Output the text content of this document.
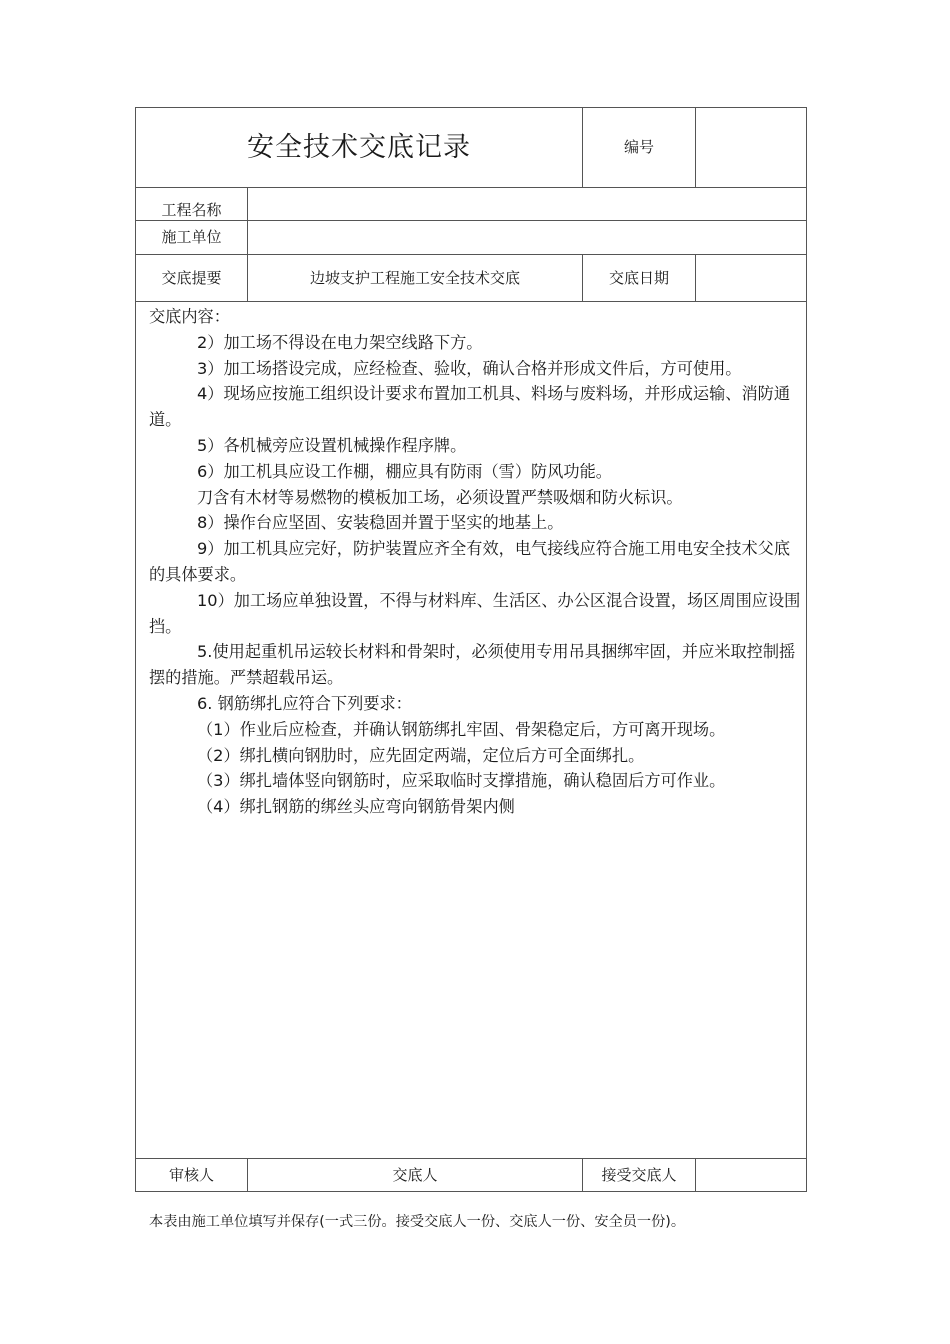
安全技术交底记录	编号
工程名称
施工单位
交底提要	边坡支护工程施工安全技术交底	交底日期

交底内容：

2）加工场不得设在电力架空线路下方。

3）加工场搭设完成，应经检查、验收，确认合格并形成文件后，方可使用。

4）现场应按施工组织设计要求布置加工机具、料场与废料场，并形成运输、消防通道。

5）各机械旁应设置机械操作程序牌。

6）加工机具应设工作棚，棚应具有防雨（雪）防风功能。

刀含有木材等易燃物的模板加工场，必须设置严禁吸烟和防火标识。

8）操作台应坚固、安装稳固并置于坚实的地基上。

9）加工机具应完好，防护装置应齐全有效，电气接线应符合施工用电安全技术父底的具体要求。

10）加工场应单独设置，不得与材料库、生活区、办公区混合设置，场区周围应设围挡。

5.使用起重机吊运较长材料和骨架时，必须使用专用吊具捆绑牢固，并应米取控制摇摆的措施。严禁超载吊运。

6. 钢筋绑扎应符合下列要求：

（1）作业后应检查，并确认钢筋绑扎牢固、骨架稳定后，方可离开现场。

（2）绑扎横向钢肋时，应先固定两端，定位后方可全面绑扎。

（3）绑扎墙体竖向钢筋时，应采取临时支撑措施，确认稳固后方可作业。

（4）绑扎钢筋的绑丝头应弯向钢筋骨架内侧

审核人	交底人	接受交底人
本表由施工单位填写并保存(一式三份。接受交底人一份、交底人一份、安全员一份)。
